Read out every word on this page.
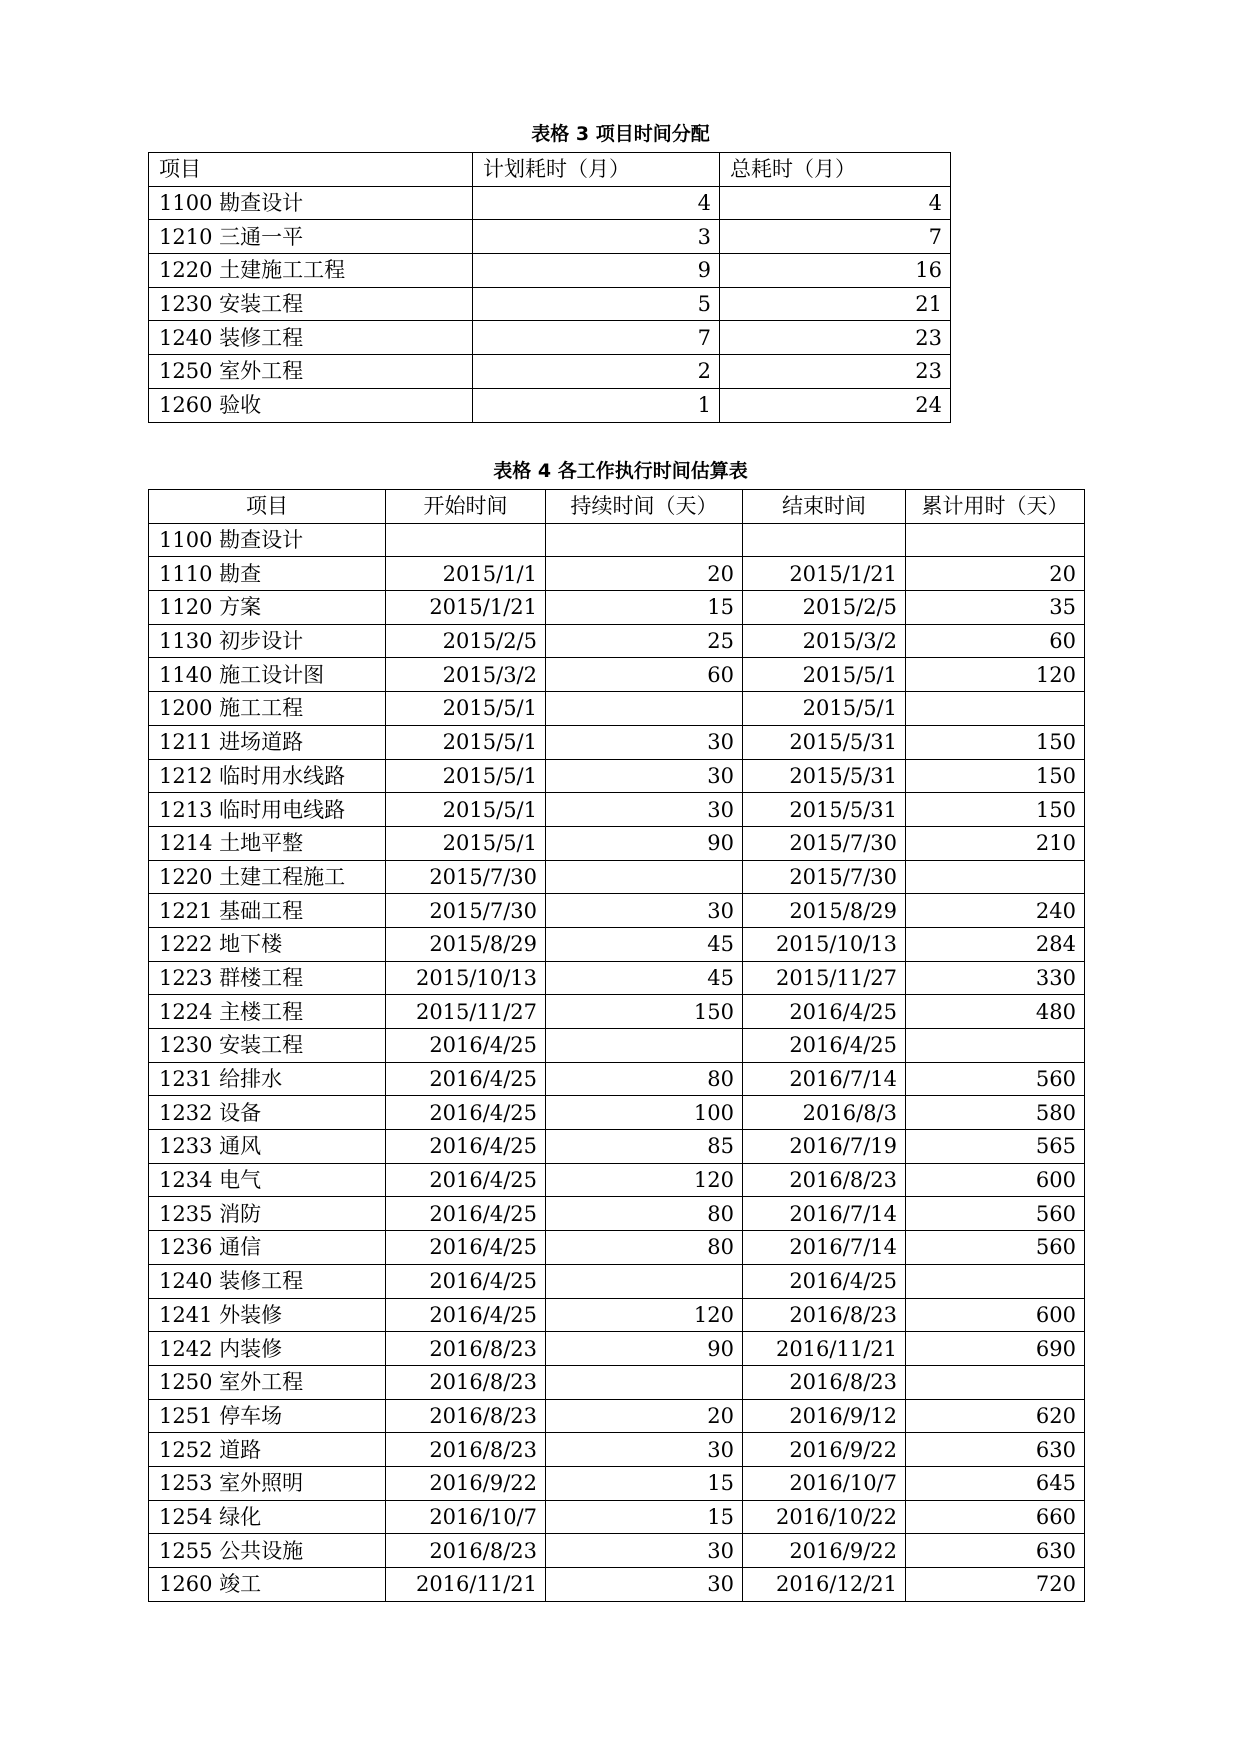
表格 3 项目时间分配
项目	计划耗时（月）	总耗时（月）
1100 勘查设计	4	4
1210 三通一平	3	7
1220 土建施工工程	9	16
1230 安装工程	5	21
1240 装修工程	7	23
1250 室外工程	2	23
1260 验收	1	24
表格 4 各工作执行时间估算表
项目	开始时间	持续时间（天）	结束时间	累计用时（天）
1100 勘查设计				
1110 勘查	2015/1/1	20	2015/1/21	20
1120 方案	2015/1/21	15	2015/2/5	35
1130 初步设计	2015/2/5	25	2015/3/2	60
1140 施工设计图	2015/3/2	60	2015/5/1	120
1200 施工工程	2015/5/1		2015/5/1	
1211 进场道路	2015/5/1	30	2015/5/31	150
1212 临时用水线路	2015/5/1	30	2015/5/31	150
1213 临时用电线路	2015/5/1	30	2015/5/31	150
1214 土地平整	2015/5/1	90	2015/7/30	210
1220 土建工程施工	2015/7/30		2015/7/30	
1221 基础工程	2015/7/30	30	2015/8/29	240
1222 地下楼	2015/8/29	45	2015/10/13	284
1223 群楼工程	2015/10/13	45	2015/11/27	330
1224 主楼工程	2015/11/27	150	2016/4/25	480
1230 安装工程	2016/4/25		2016/4/25	
1231 给排水	2016/4/25	80	2016/7/14	560
1232 设备	2016/4/25	100	2016/8/3	580
1233 通风	2016/4/25	85	2016/7/19	565
1234 电气	2016/4/25	120	2016/8/23	600
1235 消防	2016/4/25	80	2016/7/14	560
1236 通信	2016/4/25	80	2016/7/14	560
1240 装修工程	2016/4/25		2016/4/25	
1241 外装修	2016/4/25	120	2016/8/23	600
1242 内装修	2016/8/23	90	2016/11/21	690
1250 室外工程	2016/8/23		2016/8/23	
1251 停车场	2016/8/23	20	2016/9/12	620
1252 道路	2016/8/23	30	2016/9/22	630
1253 室外照明	2016/9/22	15	2016/10/7	645
1254 绿化	2016/10/7	15	2016/10/22	660
1255 公共设施	2016/8/23	30	2016/9/22	630
1260 竣工	2016/11/21	30	2016/12/21	720
